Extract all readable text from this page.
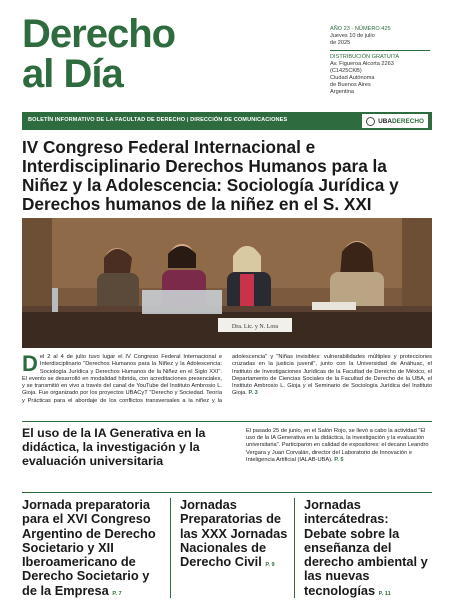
Derecho
al Día
AÑO 23 · NÚMERO 425
Jueves 10 de julio
de 2025
DISTRIBUCIÓN GRATUITA
Av. Figueroa Alcorta 2263
(C1425CKB)
Ciudad Autónoma
de Buenos Aires
Argentina
BOLETÍN INFORMATIVO DE LA FACULTAD DE DERECHO | DIRECCIÓN DE COMUNICACIONES	UBADERECHO
IV Congreso Federal Internacional e Interdisciplinario Derechos Humanos para la Niñez y la Adolescencia: Sociología Jurídica y Derechos humanos de la niñez en el S. XXI
Dra. Lic. y N. Lora
Del 2 al 4 de julio tuvo lugar el IV Congreso Federal Internacional e Interdisciplinario "Derechos Humanos para la Niñez y la Adolescencia: Sociología Jurídica y Derechos Humanos de la Niñez en el Siglo XXI". El evento se desarrolló en modalidad híbrida, con acreditaciones presenciales, y se transmitió en vivo a través del canal de YouTube del Instituto Ambrosio L. Gioja. Fue organizado por los proyectos UBACyT "Derecho y Sociedad. Teoría y Prácticas para el abordaje de los conflictos transversales a la niñez y la adolescencia" y "Niñas invisibles: vulnerabilidades múltiples y protecciones cruzadas en la justicia juvenil", junto con la Universidad de Anáhuac, el Instituto de Investigaciones Jurídicas de la Facultad de Derecho de México, el Departamento de Ciencias Sociales de la Facultad de Derecho de la UBA, el Instituto Ambrosio L. Gioja y el Seminario de Sociología Jurídica del Instituto Gioja. P. 3
El uso de la IA Generativa en la didáctica, la investigación y la evaluación universitaria

El pasado 25 de junio, en el Salón Rojo, se llevó a cabo la actividad "El uso de la IA Generativa en la didáctica, la investigación y la evaluación universitaria". Participaron en calidad de expositores: el decano Leandro Vergara y Juan Corvalán, director del Laboratorio de Innovación e Inteligencia Artificial (IALAB-UBA). P. 5

Jornada preparatoria para el XVI Congreso Argentino de Derecho Societario y XII Iberoamericano de Derecho Societario y de la Empresa P. 7
Jornadas Preparatorias de las XXX Jornadas Nacionales de Derecho Civil P. 9
Jornadas intercátedras: Debate sobre la enseñanza del derecho ambiental y las nuevas tecnologías P. 11
